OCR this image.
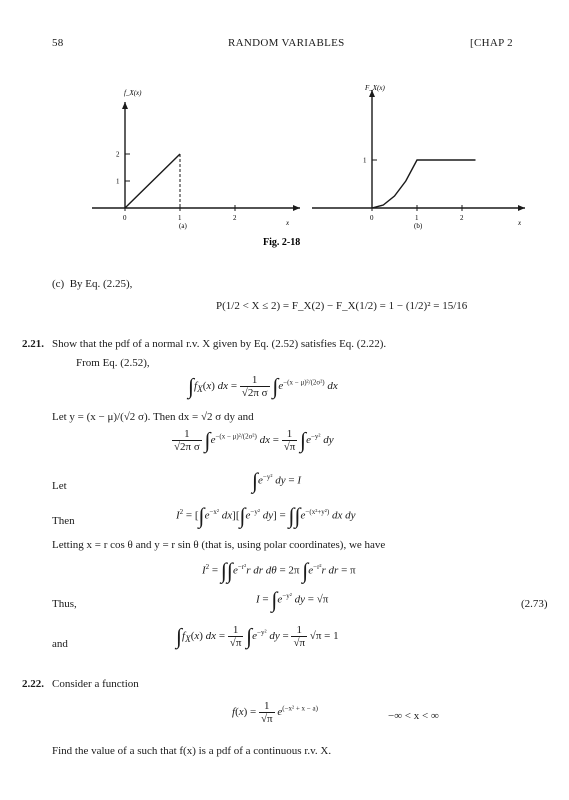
58	RANDOM VARIABLES	[CHAP 2
0	1	2
1
2
f_X(x)
x
(a)
0	1	2
1
F_X(x)
x
(b)
Fig. 2-18
(c) By Eq. (2.25),
P(1/2 < X ≤ 2) = F_X(2) − F_X(1/2) = 1 − (1/2)² = 15/16
2.21. Show that the pdf of a normal r.v. X given by Eq. (2.52) satisfies Eq. (2.22).
From Eq. (2.52),
$\int f_X(x)$ dx = $\frac{1}{\text{√2π σ}} \int e^{-(x - \mu)^2/(2\sigma^2)}$ dx
Let y = (x − μ)/(√2 σ). Then dx = √2 σ dy and
$\frac{1}{\text{√2π σ}} \int e^{-(x - \mu)^2/(2\sigma^2)}$ dx = $\frac{1}{√\pi} \int e^{-y^2}$ dy
Let	$\int e^{-y^2}$ dy = I
Then	$I^2 = [\int e^{-x^2}$ $dx][\int e^{-y^2}$ $dy] = \int\int e^{-(x^2+y^2)}$ dx dy
Letting x = r cos θ and y = r sin θ (that is, using polar coordinates), we have
$I^2 = \int\int e^{-r^2}r$ dr dθ = 2π $\int e^{-r^2}r$ dr = π
Thus,	$I = \int e^{-y^2}$ dy = √π	(2.73)
and	$\int f_X(x)$ dx = $\frac{1}{√\pi} \int e^{-y^2}$ dy = $\frac{1}{√\pi} √\pi = 1$
2.22. Consider a function
$f(x) = \frac{1}{√\pi} e^{(-x^2 + x - a)}$
−∞ < x < ∞
Find the value of a such that f(x) is a pdf of a continuous r.v. X.
